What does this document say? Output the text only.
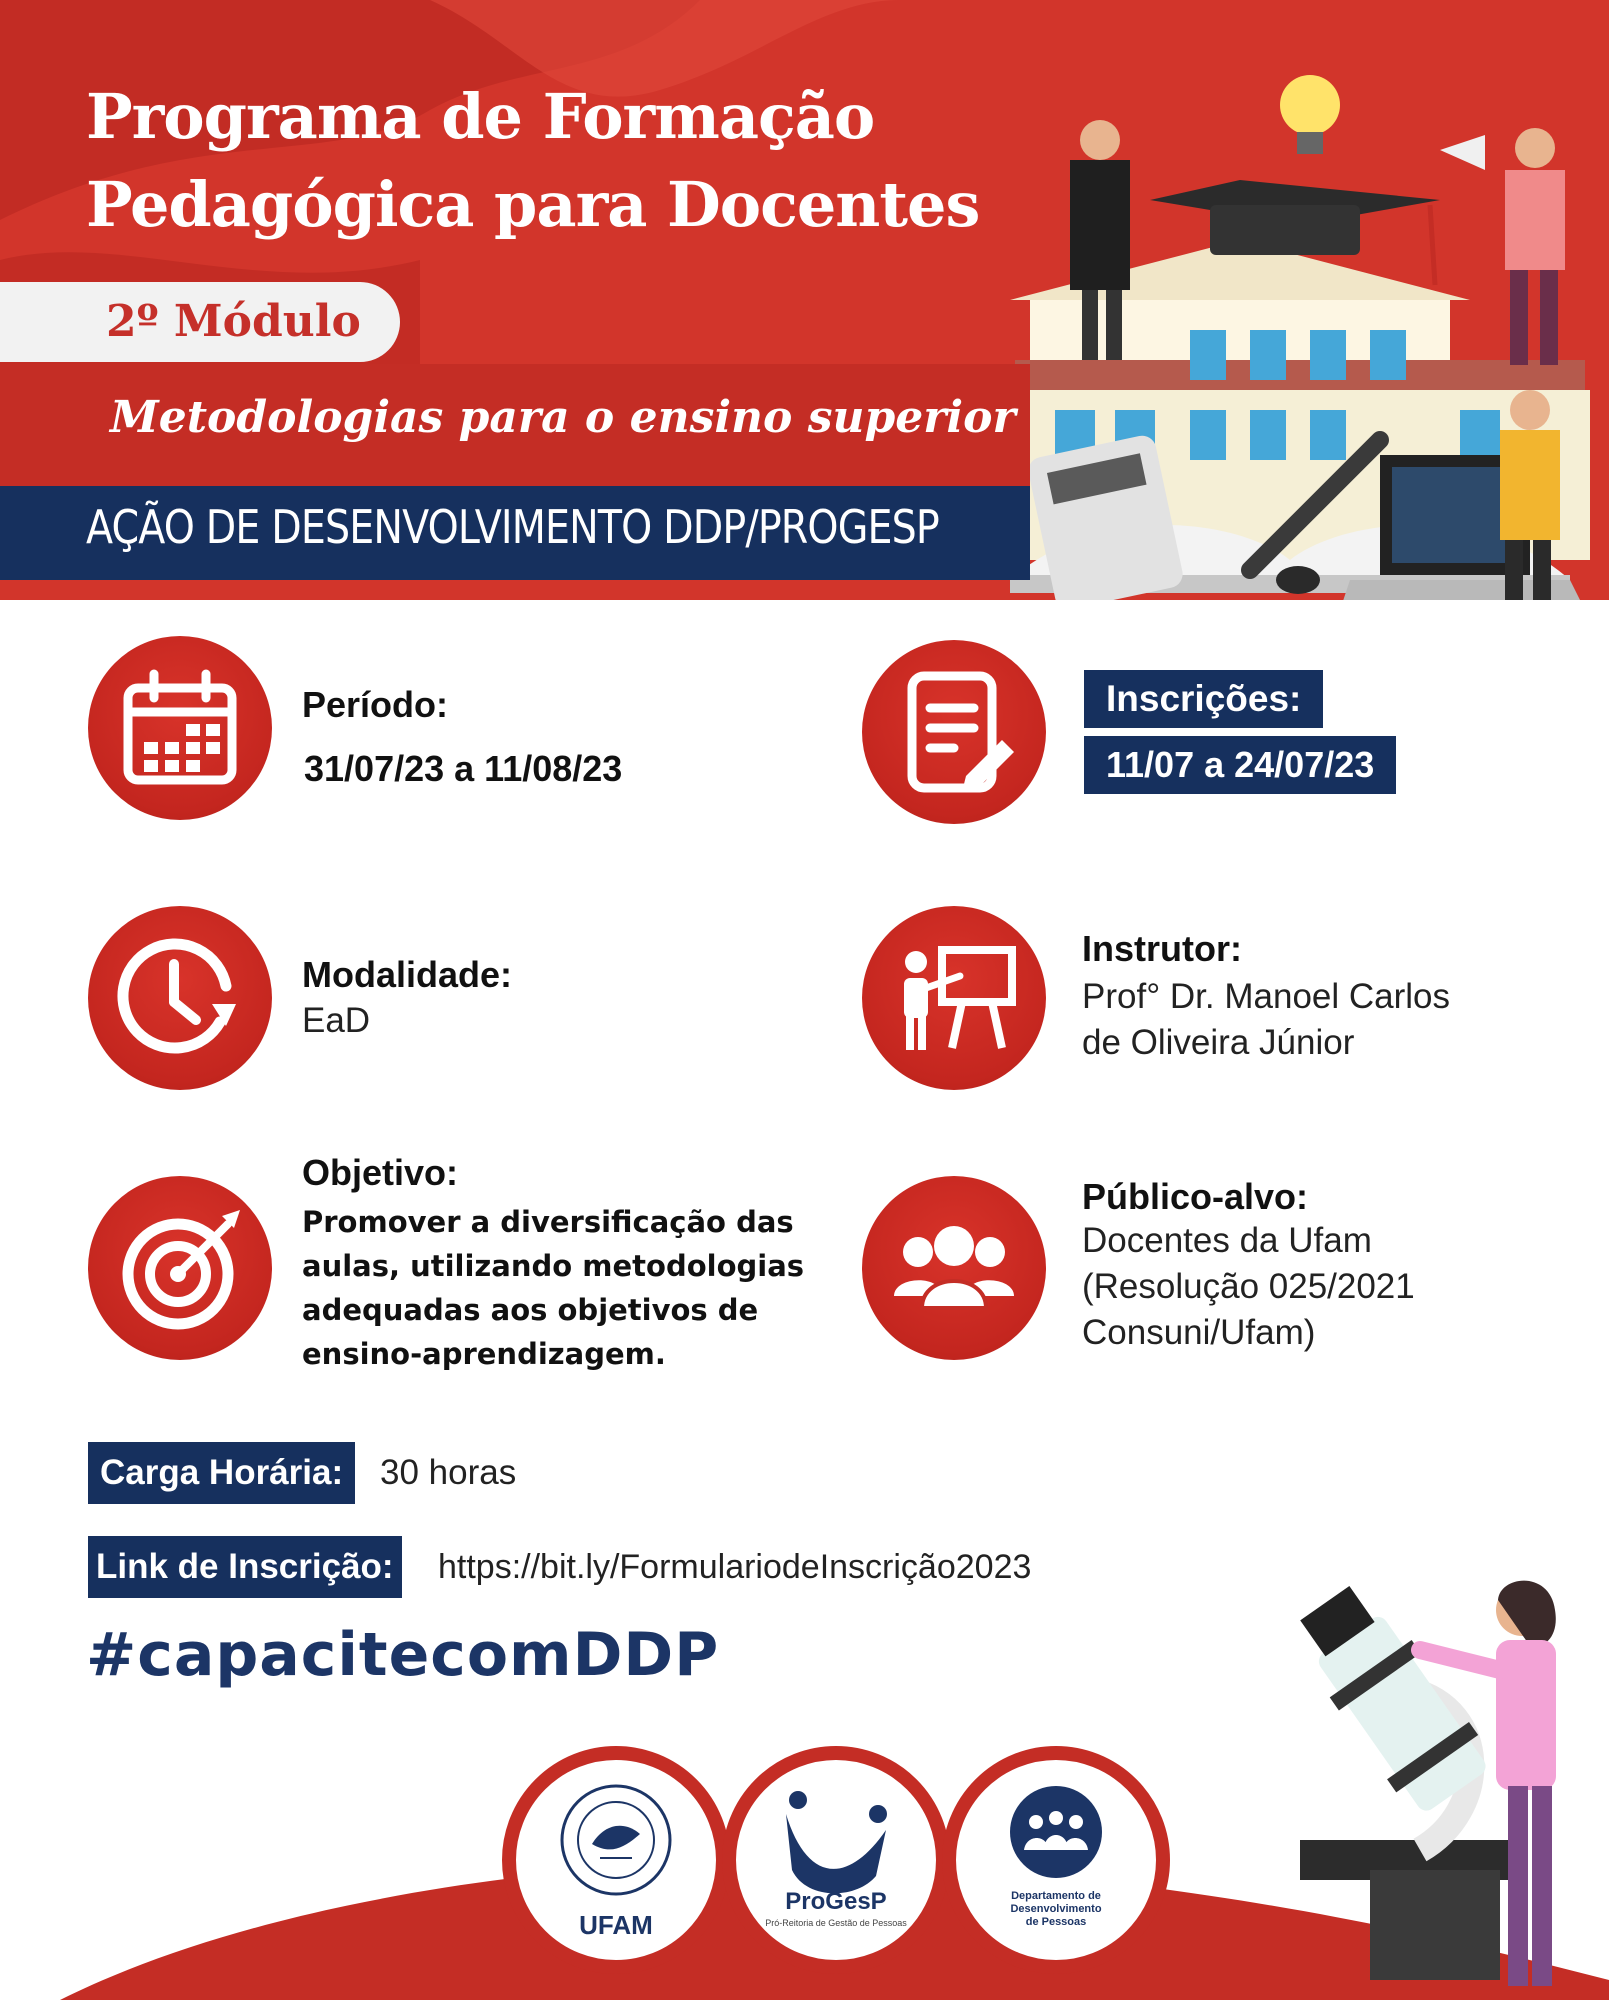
Programa de Formação
Pedagógica para Docentes
2º Módulo
Metodologias para o ensino superior
AÇÃO DE DESENVOLVIMENTO DDP/PROGESP
Período:
31/07/23 a 11/08/23
Inscrições:
11/07 a 24/07/23
Modalidade:
EaD
Instrutor:
Prof° Dr. Manoel Carlos
de Oliveira Júnior
Objetivo:
Promover a diversificação das aulas, utilizando metodologias adequadas aos objetivos de ensino-aprendizagem.
Público-alvo:
Docentes da Ufam
(Resolução 025/2021
Consuni/Ufam)
Carga Horária:	30 horas
Link de Inscrição: https://bit.ly/FormulariodeInscrição2023
#capacitecomDDP
UFAM
ProGesP
Pró-Reitoria de Gestão de Pessoas
Departamento de
Desenvolvimento
de Pessoas
